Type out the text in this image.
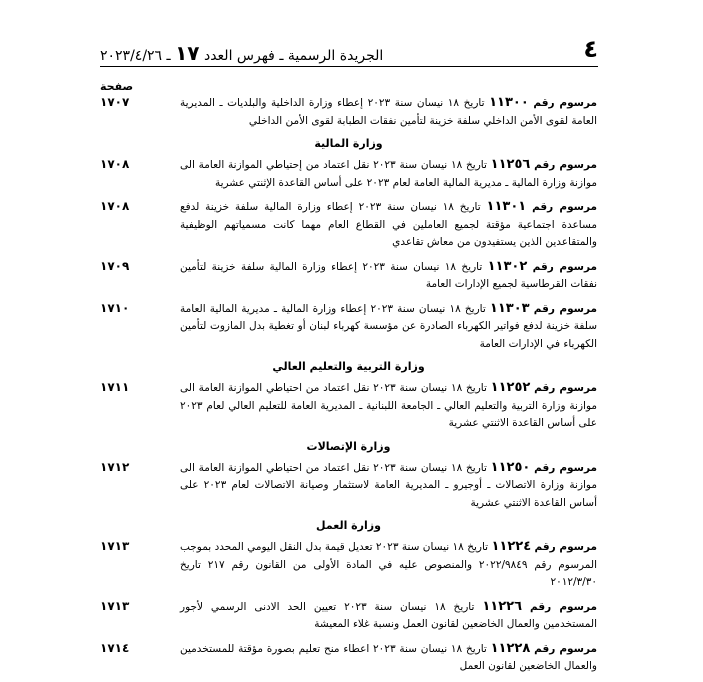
٤
الجريدة الرسمية ـ فهرس العدد ١٧ ـ ٢٠٢٣/٤/٢٦
صفحة
١٧٠٧	مرسوم رقم ١١٣٠٠ تاريخ ١٨ نيسان سنة ٢٠٢٣ إعطاء وزارة الداخلية والبلديات ـ المديرية العامة لقوى الأمن الداخلي سلفة خزينة لتأمين نفقات الطبابة لقوى الأمن الداخلي
وزارة المالية
١٧٠٨	مرسوم رقم ١١٢٥٦ تاريخ ١٨ نيسان سنة ٢٠٢٣ نقل اعتماد من إحتياطي الموازنة العامة الى موازنة وزارة المالية ـ مديرية المالية العامة لعام ٢٠٢٣ على أساس القاعدة الإثنتي عشرية
١٧٠٨	مرسوم رقم ١١٣٠١ تاريخ ١٨ نيسان سنة ٢٠٢٣ إعطاء وزارة المالية سلفة خزينة لدفع مساعدة اجتماعية مؤقتة لجميع العاملين في القطاع العام مهما كانت مسمياتهم الوظيفية والمتقاعدين الذين يستفيدون من معاش تقاعدي
١٧٠٩	مرسوم رقم ١١٣٠٢ تاريخ ١٨ نيسان سنة ٢٠٢٣ إعطاء وزارة المالية سلفة خزينة لتأمين نفقات القرطاسية لجميع الإدارات العامة
١٧١٠	مرسوم رقم ١١٣٠٣ تاريخ ١٨ نيسان سنة ٢٠٢٣ إعطاء وزارة المالية ـ مديرية المالية العامة سلفة خزينة لدفع فواتير الكهرباء الصادرة عن مؤسسة كهرباء لبنان أو تغطية بدل المازوت لتأمين الكهرباء في الإدارات العامة
وزارة التربية والتعليم العالي
١٧١١	مرسوم رقم ١١٢٥٢ تاريخ ١٨ نيسان سنة ٢٠٢٣ نقل اعتماد من احتياطي الموازنة العامة الى موازنة وزارة التربية والتعليم العالي ـ الجامعة اللبنانية ـ المديرية العامة للتعليم العالي لعام ٢٠٢٣ على أساس القاعدة الاثنتي عشرية
وزارة الإتصالات
١٧١٢	مرسوم رقم ١١٢٥٠ تاريخ ١٨ نيسان سنة ٢٠٢٣ نقل اعتماد من احتياطي الموازنة العامة الى موازنة وزارة الاتصالات ـ أوجيرو ـ المديرية العامة لاستثمار وصيانة الاتصالات لعام ٢٠٢٣ على أساس القاعدة الاثنتي عشرية
وزارة العمل
١٧١٣	مرسوم رقم ١١٢٢٤ تاريخ ١٨ نيسان سنة ٢٠٢٣ تعديل قيمة بدل النقل اليومي المحدد بموجب المرسوم رقم ٢٠٢٢/٩٨٤٩ والمنصوص عليه في المادة الأولى من القانون رقم ٢١٧ تاريخ ٢٠١٢/٣/٣٠
١٧١٣	مرسوم رقم ١١٢٢٦ تاريخ ١٨ نيسان سنة ٢٠٢٣ تعيين الحد الادنى الرسمي لأجور المستخدمين والعمال الخاضعين لقانون العمل ونسبة غلاء المعيشة
١٧١٤	مرسوم رقم ١١٢٢٨ تاريخ ١٨ نيسان سنة ٢٠٢٣ اعطاء منح تعليم بصورة مؤقتة للمستخدمين والعمال الخاضعين لقانون العمل
